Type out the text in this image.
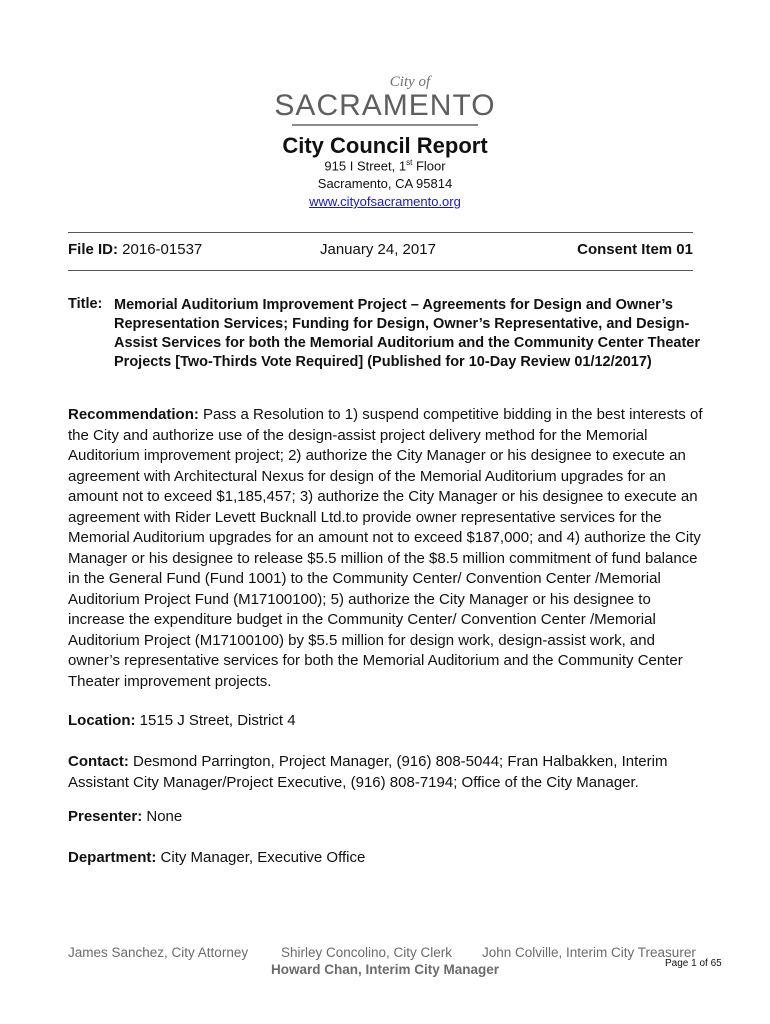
City of
SACRAMENTO
City Council Report
915 I Street, 1st Floor
Sacramento, CA 95814
www.cityofsacramento.org
File ID: 2016-01537	January 24, 2017	Consent Item 01
Title: Memorial Auditorium Improvement Project – Agreements for Design and Owner’s Representation Services; Funding for Design, Owner’s Representative, and Design-Assist Services for both the Memorial Auditorium and the Community Center Theater Projects [Two-Thirds Vote Required] (Published for 10-Day Review 01/12/2017)
Recommendation: Pass a Resolution to 1) suspend competitive bidding in the best interests of the City and authorize use of the design-assist project delivery method for the Memorial Auditorium improvement project; 2) authorize the City Manager or his designee to execute an agreement with Architectural Nexus for design of the Memorial Auditorium upgrades for an amount not to exceed $1,185,457; 3) authorize the City Manager or his designee to execute an agreement with Rider Levett Bucknall Ltd.to provide owner representative services for the Memorial Auditorium upgrades for an amount not to exceed $187,000; and 4) authorize the City Manager or his designee to release $5.5 million of the $8.5 million commitment of fund balance in the General Fund (Fund 1001) to the Community Center/ Convention Center /Memorial Auditorium Project Fund (M17100100); 5) authorize the City Manager or his designee to increase the expenditure budget in the Community Center/ Convention Center /Memorial Auditorium Project (M17100100) by $5.5 million for design work, design-assist work, and owner’s representative services for both the Memorial Auditorium and the Community Center Theater improvement projects.
Location: 1515 J Street, District 4
Contact: Desmond Parrington, Project Manager, (916) 808-5044; Fran Halbakken, Interim Assistant City Manager/Project Executive, (916) 808-7194; Office of the City Manager.
Presenter: None
Department: City Manager, Executive Office
James Sanchez, City Attorney Shirley Concolino, City Clerk John Colville, Interim City Treasurer
Howard Chan, Interim City Manager	Page 1 of 65
